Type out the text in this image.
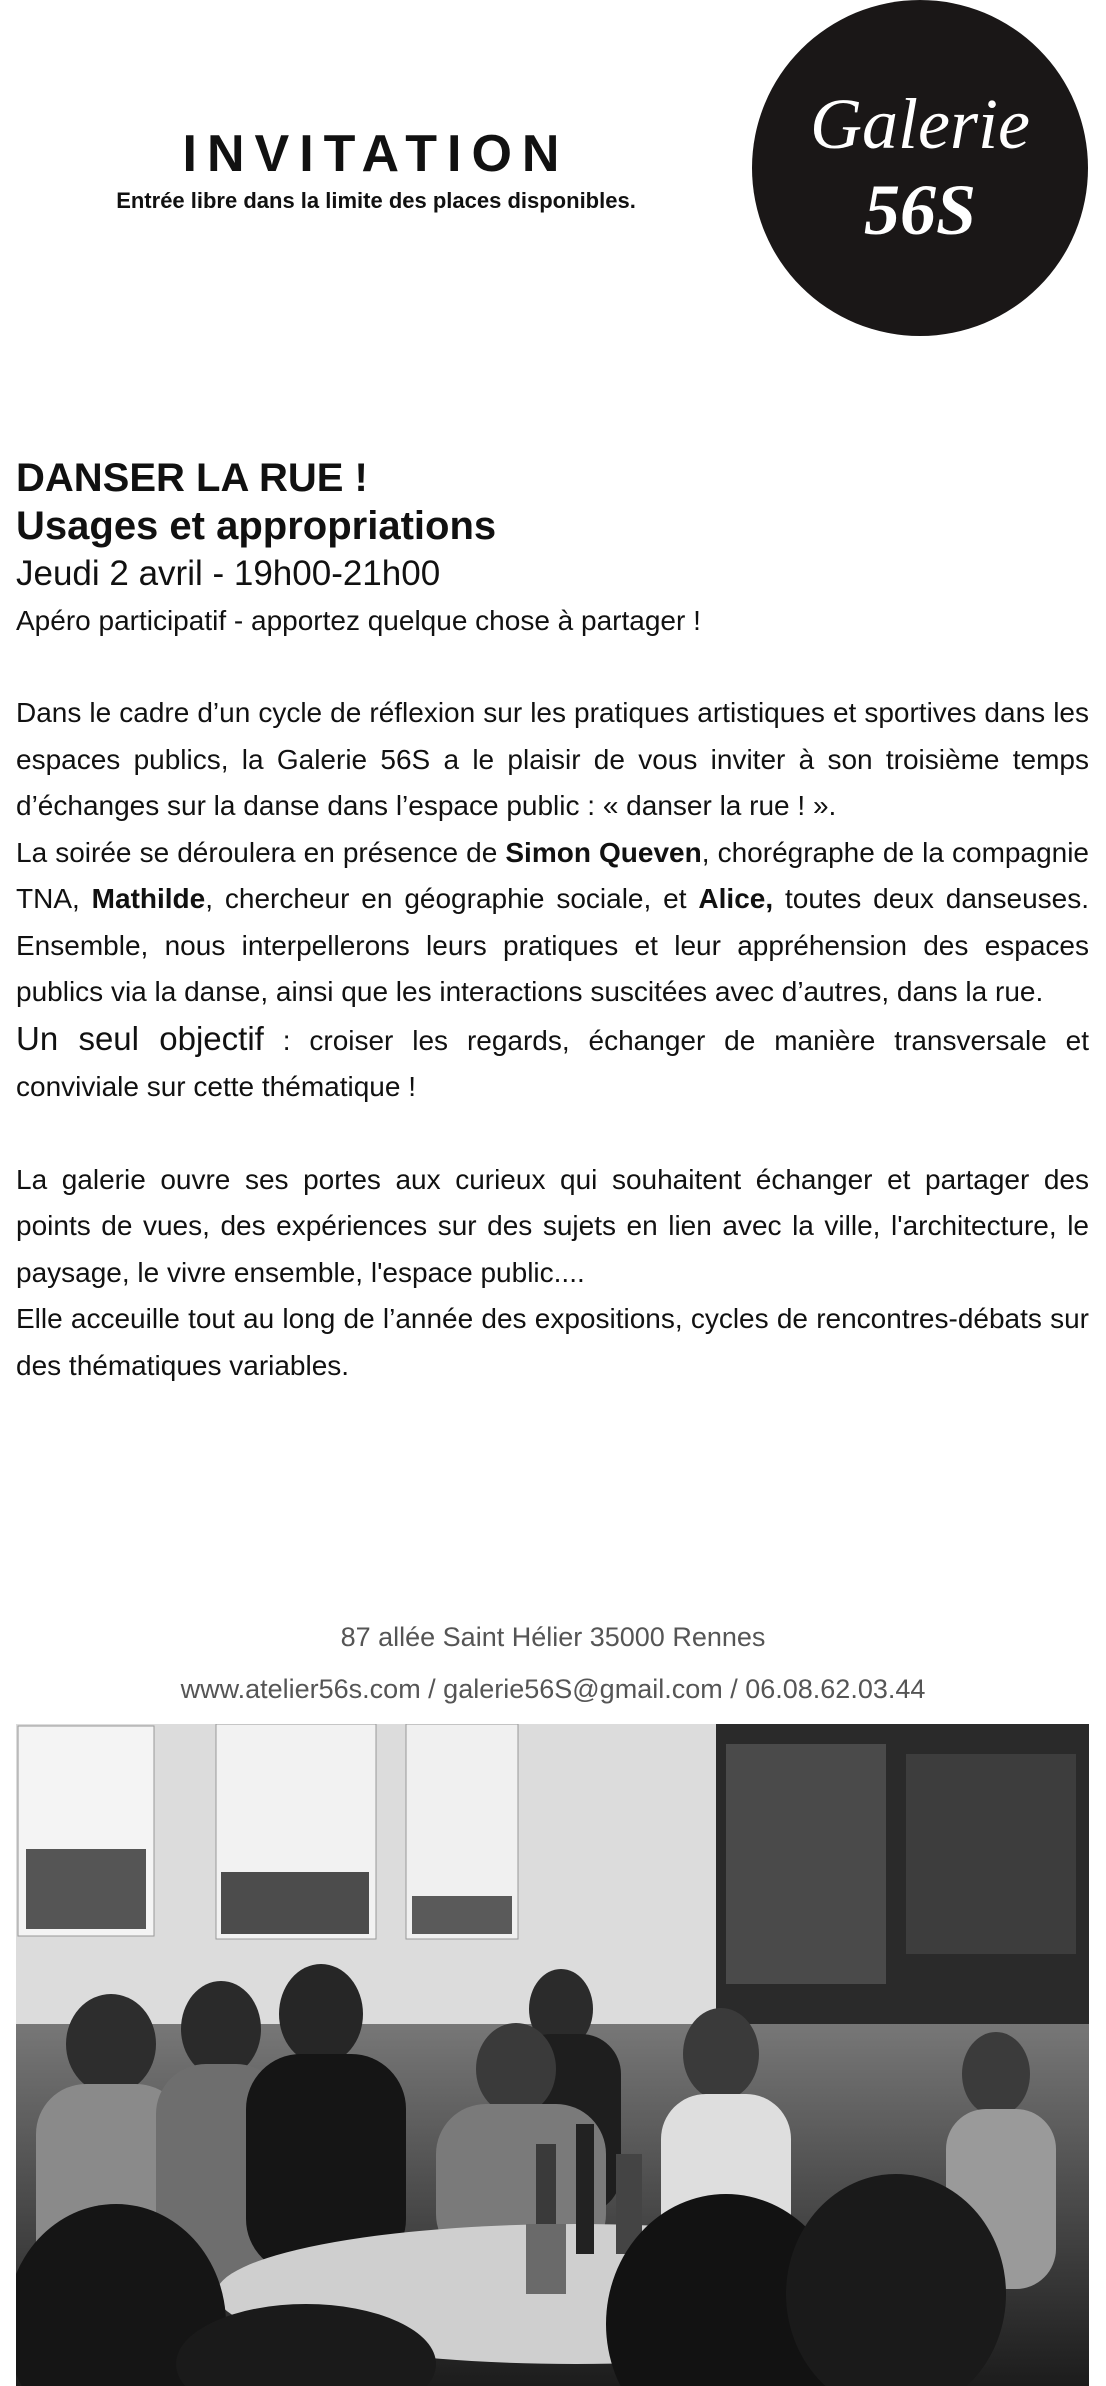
INVITATION
Entrée libre dans la limite des places disponibles.
Galerie
56S

DANSER LA RUE !

Usages et appropriations

Jeudi 2 avril - 19h00-21h00

Apéro participatif - apportez quelque chose à partager !

Dans le cadre d’un cycle de réflexion sur les pratiques artistiques et sportives dans les espaces publics, la Galerie 56S a le plaisir de vous inviter à son troisième temps d’échanges sur la danse dans l’espace public : « danser la rue ! ».

La soirée se déroulera en présence de Simon Queven, chorégraphe de la compagnie TNA, Mathilde, chercheur en géographie sociale, et Alice, toutes deux danseuses. Ensemble, nous interpellerons leurs pratiques et leur appréhension des espaces publics via la danse, ainsi que les interactions suscitées avec d’autres, dans la rue.

Un seul objectif : croiser les regards, échanger de manière transversale et conviviale sur cette thématique !

La galerie ouvre ses portes aux curieux qui souhaitent échanger et partager des points de vues, des expériences sur des sujets en lien avec la ville, l'architecture, le paysage, le vivre ensemble, l'espace public....

Elle acceuille tout au long de l’année des expositions, cycles de rencontres-débats sur des thématiques variables.

87 allée Saint Hélier 35000 Rennes
www.atelier56s.com / galerie56S@gmail.com / 06.08.62.03.44
